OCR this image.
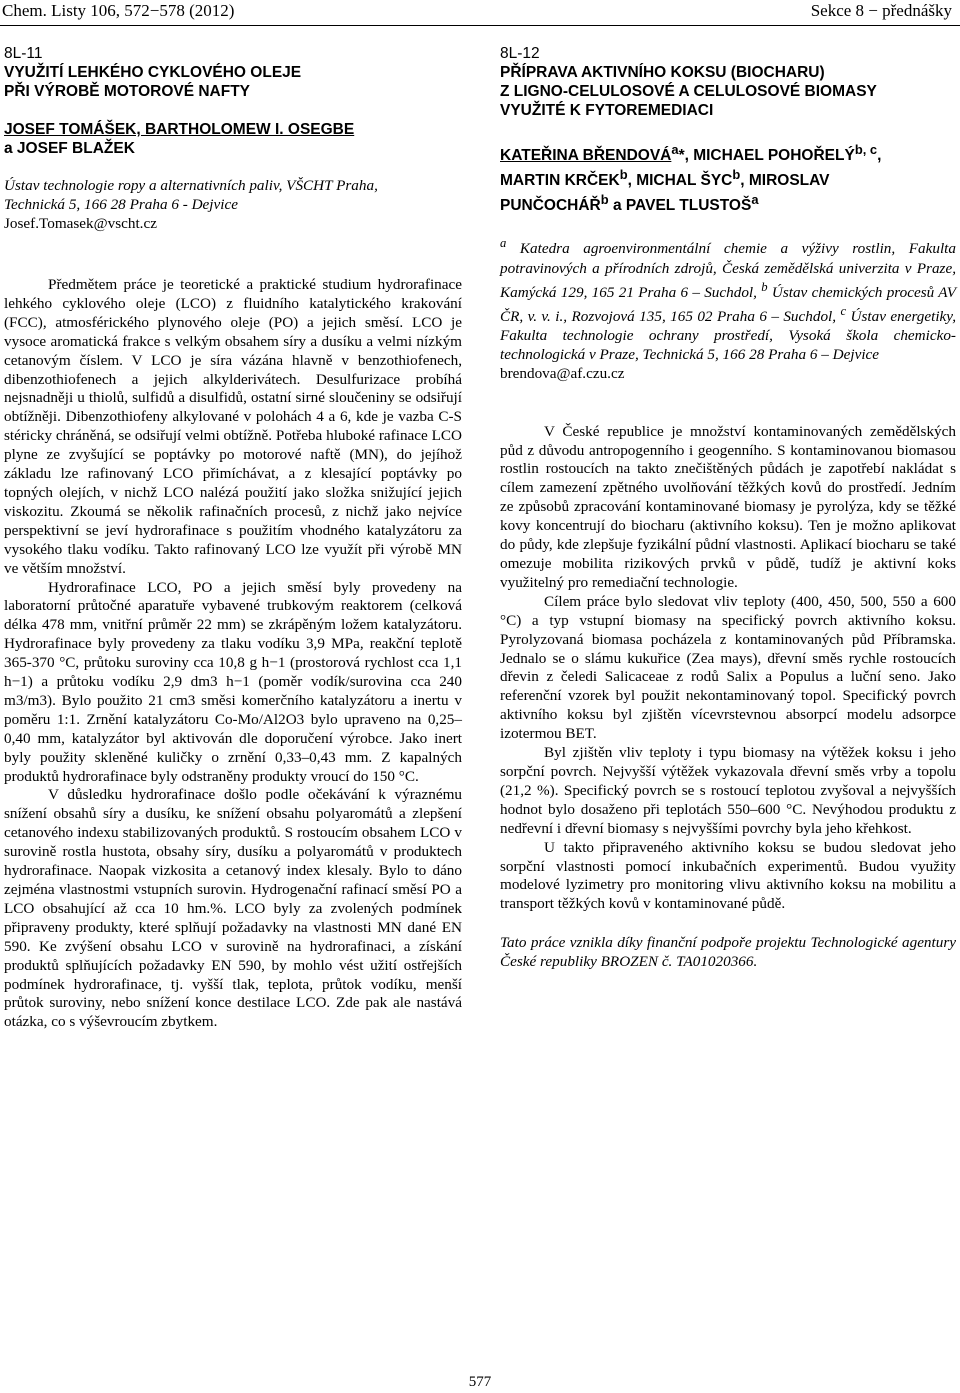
Chem. Listy 106, 572−578 (2012)	Sekce 8 − přednášky
8L-11
VYUŽITÍ LEHKÉHO CYKLOVÉHO OLEJE
PŘI VÝROBĚ MOTOROVÉ NAFTY
JOSEF TOMÁŠEK, BARTHOLOMEW I. OSEGBE
a JOSEF BLAŽEK
Ústav technologie ropy a alternativních paliv, VŠCHT Praha,
Technická 5, 166 28 Praha 6 - Dejvice
Josef.Tomasek@vscht.cz

Předmětem práce je teoretické a praktické studium hydrorafinace lehkého cyklového oleje (LCO) z fluidního katalytického krakování (FCC), atmosférického plynového oleje (PO) a jejich směsí. LCO je vysoce aromatická frakce s velkým obsahem síry a dusíku a velmi nízkým cetanovým číslem. V LCO je síra vázána hlavně v benzothiofenech, dibenzothiofenech a jejich alkylderivátech. Desulfurizace probíhá nejsnadněji u thiolů, sulfidů a disulfidů, ostatní sirné sloučeniny se odsiřují obtížněji. Dibenzothiofeny alkylované v polohách 4 a 6, kde je vazba C-S stéricky chráněná, se odsiřují velmi obtížně. Potřeba hluboké rafinace LCO plyne ze zvyšující se poptávky po motorové naftě (MN), do jejíhož základu lze rafinovaný LCO přimíchávat, a z klesající poptávky po topných olejích, v nichž LCO nalézá použití jako složka snižující jejich viskozitu. Zkoumá se několik rafinačních procesů, z nichž jako nejvíce perspektivní se jeví hydrorafinace s použitím vhodného katalyzátoru za vysokého tlaku vodíku. Takto rafinovaný LCO lze využít při výrobě MN ve větším množství.

Hydrorafinace LCO, PO a jejich směsí byly provedeny na laboratorní průtočné aparatuře vybavené trubkovým reaktorem (celková délka 478 mm, vnitřní průměr 22 mm) se zkrápěným ložem katalyzátoru. Hydrorafinace byly provedeny za tlaku vodíku 3,9 MPa, reakční teplotě 365-370 °C, průtoku suroviny cca 10,8 g h−1 (prostorová rychlost cca 1,1 h−1) a průtoku vodíku 2,9 dm3 h−1 (poměr vodík/surovina cca 240 m3/m3). Bylo použito 21 cm3 směsi komerčního katalyzátoru a inertu v poměru 1:1. Zrnění katalyzátoru Co-Mo/Al2O3 bylo upraveno na 0,25–0,40 mm, katalyzátor byl aktivován dle doporučení výrobce. Jako inert byly použity skleněné kuličky o zrnění 0,33–0,43 mm. Z kapalných produktů hydrorafinace byly odstraněny produkty vroucí do 150 °C.

V důsledku hydrorafinace došlo podle očekávání k výraznému snížení obsahů síry a dusíku, ke snížení obsahu polyaromátů a zlepšení cetanového indexu stabilizovaných produktů. S rostoucím obsahem LCO v surovině rostla hustota, obsahy síry, dusíku a polyaromátů v produktech hydrorafinace. Naopak vizkosita a cetanový index klesaly. Bylo to dáno zejména vlastnostmi vstupních surovin. Hydrogenační rafinací směsí PO a LCO obsahující až cca 10 hm.%. LCO byly za zvolených podmínek připraveny produkty, které splňují požadavky na vlastnosti MN dané EN 590. Ke zvýšení obsahu LCO v surovině na hydrorafinaci, a získání produktů splňujících požadavky EN 590, by mohlo vést užití ostřejších podmínek hydrorafinace, tj. vyšší tlak, teplota, průtok vodíku, menší průtok suroviny, nebo snížení konce destilace LCO. Zde pak ale nastává otázka, co s výševroucím zbytkem.

8L-12
PŘÍPRAVA AKTIVNÍHO KOKSU (BIOCHARU)
Z LIGNO-CELULOSOVÉ A CELULOSOVÉ BIOMASY
VYUŽITÉ K FYTOREMEDIACI
KATEŘINA BŘENDOVÁ$^a$*, MICHAEL POHOŘELÝ$^{b, c}$,
MARTIN KRČEK$^b$, MICHAL ŠYC$^b$, MIROSLAV
PUNČOCHÁŘ$^b$ a PAVEL TLUSTOŠ$^a$
$^a$ Katedra agroenvironmentální chemie a výživy rostlin, Fakulta potravinových a přírodních zdrojů, Česká zemědělská univerzita v Praze, Kamýcká 129, 165 21 Praha 6 – Suchdol, $^b$ Ústav chemických procesů AV ČR, v. v. i., Rozvojová 135, 165 02 Praha 6 – Suchdol, $^c$ Ústav energetiky, Fakulta technologie ochrany prostředí, Vysoká škola chemicko-technologická v Praze, Technická 5, 166 28 Praha 6 – Dejvice
brendova@af.czu.cz

V České republice je množství kontaminovaných zemědělských půd z důvodu antropogenního i geogenního. S kontaminovanou biomasou rostlin rostoucích na takto znečištěných půdách je zapotřebí nakládat s cílem zamezení zpětného uvolňování těžkých kovů do prostředí. Jedním ze způsobů zpracování kontaminované biomasy je pyrolýza, kdy se těžké kovy koncentrují do biocharu (aktivního koksu). Ten je možno aplikovat do půdy, kde zlepšuje fyzikální půdní vlastnosti. Aplikací biocharu se také omezuje mobilita rizikových prvků v půdě, tudíž je aktivní koks využitelný pro remediační technologie.

Cílem práce bylo sledovat vliv teploty (400, 450, 500, 550 a 600 °C) a typ vstupní biomasy na specifický povrch aktivního koksu. Pyrolyzovaná biomasa pocházela z kontaminovaných půd Příbramska. Jednalo se o slámu kukuřice (Zea mays), dřevní směs rychle rostoucích dřevin z čeledi Salicaceae z rodů Salix a Populus a luční seno. Jako referenční vzorek byl použit nekontaminovaný topol. Specifický povrch aktivního koksu byl zjištěn vícevrstevnou absorpcí modelu adsorpce izotermou BET.

Byl zjištěn vliv teploty i typu biomasy na výtěžek koksu i jeho sorpční povrch. Nejvyšší výtěžek vykazovala dřevní směs vrby a topolu (21,2 %). Specifický povrch se s rostoucí teplotou zvyšoval a nejvyšších hodnot bylo dosaženo při teplotách 550–600 °C. Nevýhodou produktu z nedřevní i dřevní biomasy s nejvyššími povrchy byla jeho křehkost.

U takto připraveného aktivního koksu se budou sledovat jeho sorpční vlastnosti pomocí inkubačních experimentů. Budou využity modelové lyzimetry pro monitoring vlivu aktivního koksu na mobilitu a transport těžkých kovů v kontaminované půdě.

Tato práce vznikla díky finanční podpoře projektu Technologické agentury České republiky BROZEN č. TA01020366.

577
